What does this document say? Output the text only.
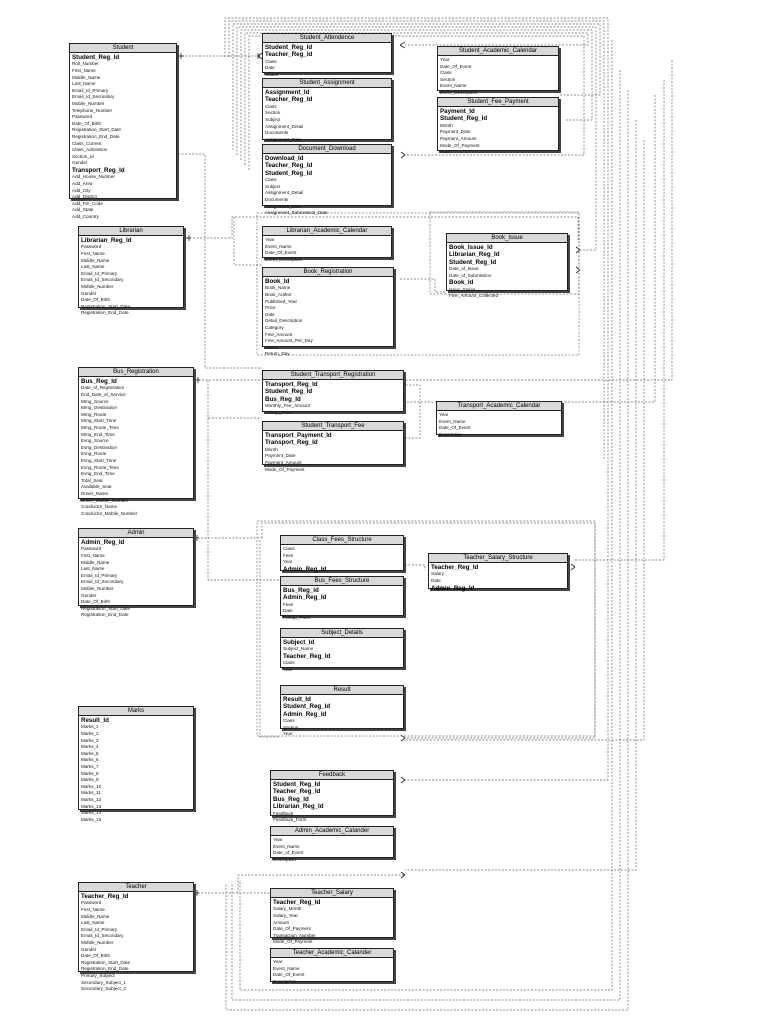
Student
Student_Reg_Id
Roll_Number
First_Name
Middle_Name
Last_Name
Email_Id_Primary
Email_Id_Secondary
Mobile_Number
Telephone_Number
Password
Date_Of_Birth
Registration_Start_Date
Registration_End_Date
Class_Current
Class_Admission
Section_Id
Gender
Transport_Reg_Id
Add_House_Number
Add_Area
Add_City
Add_District
Add_Pin_Code
Add_State
Add_Country
Student_Attendence
Student_Reg_Id
Teacher_Reg_Id
Class
Date
Status
Student_Academic_Calendar
Year
Date_Of_Event
Class
Section
Event_Name
Event_Description
Student_Assignment
Assignment_Id
Teacher_Reg_Id
Class
Section
Subject
Assignment_Detail
Documents
Assignment_Date
Student_Fee_Payment
Payment_Id
Student_Reg_Id
Month
Payment_Date
Payment_Amount
Mode_Of_Payment
Note
Document_Download
Download_Id
Teacher_Reg_Id
Student_Reg_Id
Class
Subject
Assignment_Detail
Documents
Assignment_Date
Assignment_Submission_Date
Librarian
Librarian_Reg_Id
Password
First_Name
Middle_Name
Last_Name
Email_Id_Primary
Email_Id_Secondary
Mobile_Number
Gender
Date_Of_Birth
Registration_Start_Date
Registration_End_Date
Librarian_Academic_Calendar
Year
Event_Name
Date_Of_Event
Event_Description
Book_Issue
Book_Issue_Id
Librarian_Reg_Id
Student_Reg_Id
Date_of_Issue
Date_of_Submission
Book_Id
Issue_Status
Fine_Amount_Collected
Book_Registration
Book_Id
Book_Name
Book_Author
Published_Year
Price
Date
Detail_Description
Category
Fine_Amount
Fine_Amount_Per_Day
Status
Return_Day
Bus_Registration
Bus_Reg_Id
Date_of_Registration
End_Date_of_Service
Mrng_Source
Mrng_Destination
Mrng_Route
Mrng_Start_Time
Mrng_Route_Time
Mrng_End_Time
Evng_Source
Evng_Destination
Evng_Route
Evng_Start_Time
Evng_Route_Time
Evng_End_Time
Total_Seat
Available_Seat
Driver_Name
Driver_Mobile_Number
Conductor_Name
Conductor_Mobile_Number
Student_Transport_Registration
Transport_Reg_Id
Student_Reg_Id
Bus_Reg_Id
Monthly_Fee_Amount
Pickup_Point
Transport_Academic_Calendar
Year
Event_Name
Date_Of_Event
Description
Student_Transport_Fee
Transport_Payment_Id
Transport_Reg_Id
Month
Payment_Date
Payment_Amount
Mode_Of_Payment
Admin
Admin_Reg_Id
Password
First_Name
Middle_Name
Last_Name
Email_Id_Primary
Email_Id_Secondary
Mobile_Number
Gender
Date_Of_Birth
Registration_Start_Date
Registration_End_Date
Class_Fees_Structure
Class
Fees
Year
Admin_Reg_Id
Teacher_Salary_Structure
Teacher_Reg_Id
Salary
Date
Admin_Reg_Id
Bus_Fees_Structure
Bus_Reg_Id
Admin_Reg_Id
Fees
Date
Pickup_Point
Subject_Details
Subject_Id
Subject_Name
Teacher_Reg_Id
Class
Year
Result
Result_Id
Student_Reg_Id
Admin_Reg_Id
Class
Section
Year
Marks
Result_Id
Marks_1
Marks_2
Marks_3
Marks_4
Marks_5
Marks_6
Marks_7
Marks_8
Marks_9
Marks_10
Marks_11
Marks_12
Marks_13
Marks_14
Marks_15
Feedback
Student_Reg_Id
Teacher_Reg_Id
Bus_Reg_Id
Librarian_Reg_Id
Feedback
Feedback_Form
Admin_Academic_Calander
Year
Event_Name
Date_of_Event
Description
Teacher
Teacher_Reg_Id
Password
First_Name
Middle_Name
Last_Name
Email_Id_Primary
Email_Id_Secondary
Mobile_Number
Gender
Date_Of_Birth
Registration_Start_Date
Registration_End_Date
Primary_Subject
Secondary_Subject_1
Secondary_Subject_2
Teacher_Salary
Teacher_Reg_Id
Salary_Month
Salary_Year
Amount
Date_Of_Payment
Transaction_Number
Mode_Of_Payment
Teacher_Academic_Calander
Year
Event_Name
Date_Of_Event
Description
